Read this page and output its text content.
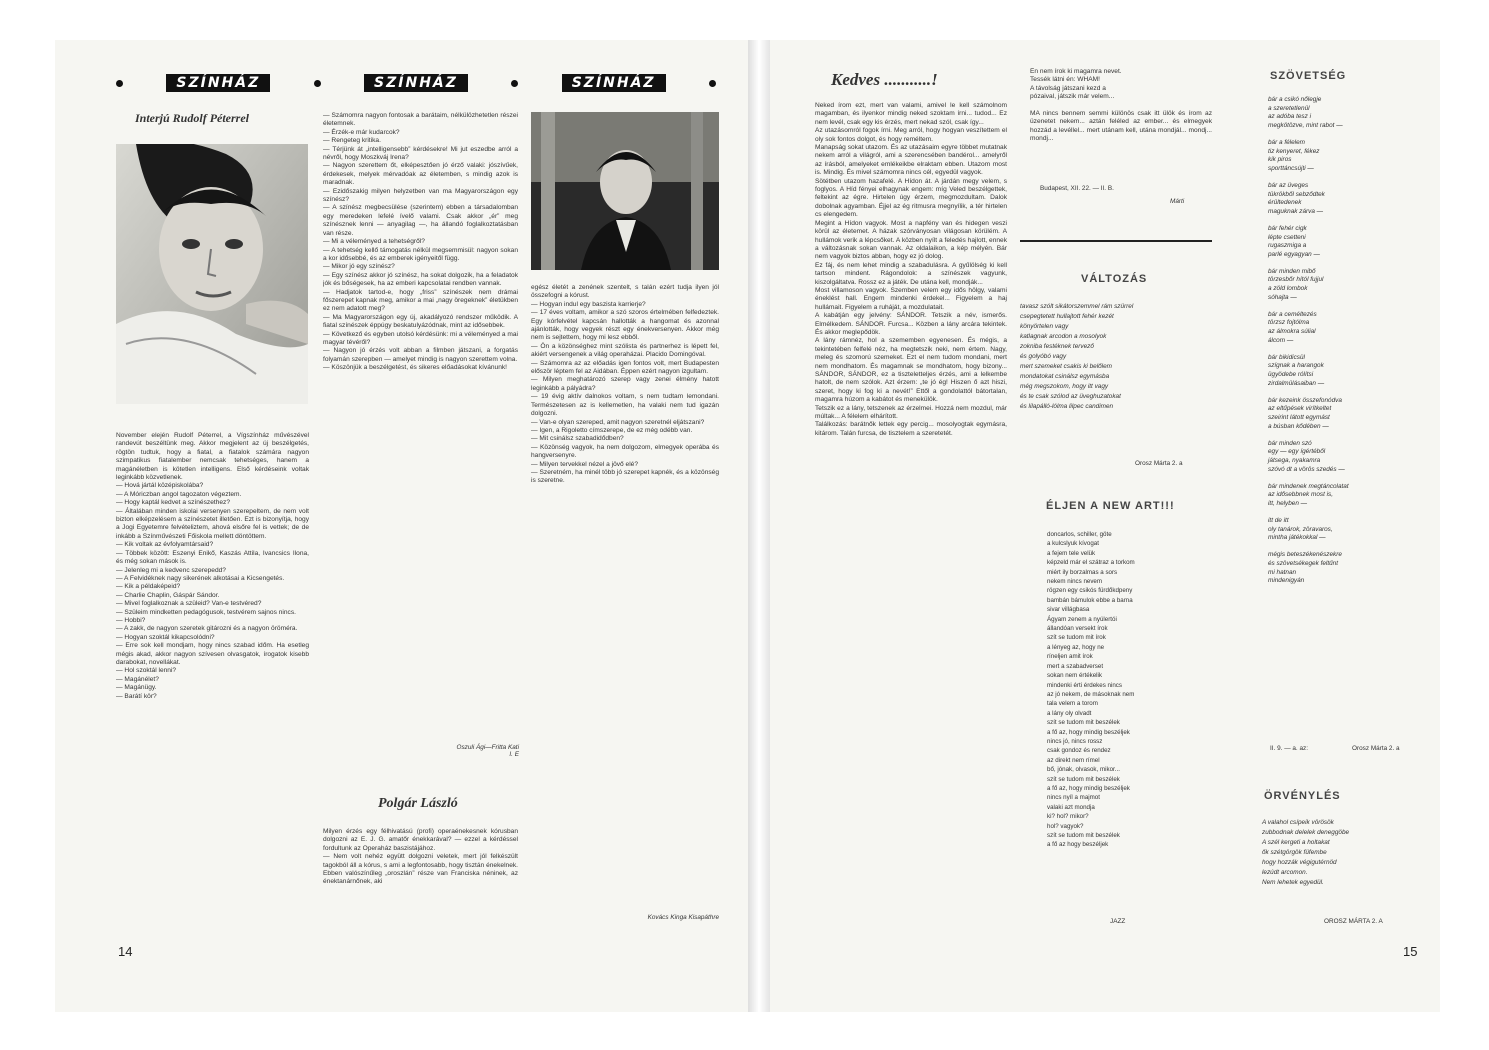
SZÍNHÁZ	SZÍNHÁZ	SZÍNHÁZ
Interjú Rudolf Péterrel
November elején Rudolf Péterrel, a Vígszínház művészével randevút beszéltünk meg. Akkor megjelent az új beszélgetés, rögtön tudtuk, hogy a fiatal, a fiatalok számára nagyon szimpatikus fiatalember nemcsak tehetséges, hanem a magánéletben is kötetlen intelligens. Első kérdéseink voltak leginkább közvetlenek.
— Hová jártál középiskolába?
— A Móriczban angol tagozaton végeztem.
— Hogy kaptál kedvet a színészethez?
— Általában minden iskolai versenyen szerepeltem, de nem volt bizton elképzelésem a színészetet illetően. Ezt is bizonyítja, hogy a Jogi Egyetemre felvételiztem, ahová elsőre fel is vettek; de de inkább a Színművészeti Főiskola mellett döntöttem.
— Kik voltak az évfolyamtársaid?
— Többek között: Eszenyi Enikő, Kaszás Attila, Ivancsics Ilona, és még sokan mások is.
— Jelenleg mi a kedvenc szerepedd?
— A Felvidéknek nagy sikerének alkotásai a Kicsengetés.
— Kik a példaképeid?
— Charlie Chaplin, Gáspár Sándor.
— Mivel foglalkoznak a szüleid? Van-e testvéred?
— Szüleim mindketten pedagógusok, testvérem sajnos nincs.
— Hobbi?
— A zakk, de nagyon szeretek gitározni és a nagyon öröméra.
— Hogyan szoktál kikapcsolódni?
— Erre sok kell mondjam, hogy nincs szabad időm. Ha esetleg mégis akad, akkor nagyon szívesen olvasgatok, írogatok kisebb darabokat, novellákat.
— Hol szoktál lenni?
— Magánélet?
— Magánügy.
— Barátí kör?
— Számomra nagyon fontosak a barátaim, nélkülözhetetlen részei életemnek.
— Érzék-e már kudarcok?
— Rengeteg kritika.
— Térjünk át „intelligensebb” kérdésekre! Mi jut eszedbe arról a névről, hogy Moszkváj Irena?
— Nagyon szerettem őt, elképesztően jó érző valaki: jószívűek, érdekesek, melyek mérvadóak az életemben, s mindig azok is maradnak.
— Ezidőszakig milyen helyzetben van ma Magyarországon egy színész?
— A színész megbecsülése (szerintem) ebben a társadalomban egy meredeken lefelé ívelő valami. Csak akkor „ér” meg színésznek lenni — anyagilag —, ha állandó foglalkoztatásban van része.
— Mi a véleményed a tehetségről?
— A tehetség kellő támogatás nélkül megsemmisül: nagyon sokan a kor idősebbé, és az emberek igényeitől függ.
— Mikor jó egy színész?
— Egy színész akkor jó színész, ha sokat dolgozik, ha a feladatok jók és bőségesek, ha az emberi kapcsolatai rendben vannak.
— Hadjatok tartod-e, hogy „friss” színészek nem drámai főszerepet kapnak meg, amikor a mai „nagy öregeknek” életükben ez nem adatott meg?
— Ma Magyarországon egy új, akadályozó rendszer működik. A fiatal színészek éppúgy beskatulyázódnak, mint az idősebbek.
— Következő és egyben utolsó kérdésünk: mi a véleményed a mai magyar tévéről?
— Nagyon jó érzés volt abban a filmben játszani, a forgatás folyamán szerepben — amelyet mindig is nagyon szerettem volna.
— Köszönjük a beszélgetést, és sikeres előadásokat kívánunk!
Oszuli Ági—Fritta Kati
I. E
egész életét a zenének szentelt, s talán ezért tudja ilyen jól összefogni a kórust.
— Hogyan indul egy baszista karrierje?
— 17 éves voltam, amikor a szó szoros értelmében felfedeztek. Egy kórfelvétel kapcsán hallották a hangomat és azonnal ajánlották, hogy vegyek részt egy énekversenyen. Akkor még nem is sejtettem, hogy mi lesz ebből.
— Ön a közönséghez mint szólista és partnerhez is lépett fel, akiért versengenek a világ operaházai. Placido Domingóval.
— Számomra az az előadás igen fontos volt, mert Budapesten először léptem fel az Aidában. Éppen ezért nagyon izgultam.
— Milyen meghatározó szerep vagy zenei élmény hatott leginkább a pályádra?
— 19 évig aktív dalnokos voltam, s nem tudtam lemondani. Természetesen az is kellemetlen, ha valaki nem tud igazán dolgozni.
— Van-e olyan szereped, amit nagyon szeretnél eljátszani?
— Igen, a Rigoletto címszerepe, de ez még odébb van.
— Mit csinálsz szabadidődben?
— Közönség vagyok, ha nem dolgozom, elmegyek operába és hangversenyre.
— Milyen tervekkel nézel a jövő elé?
— Szeretném, ha minél több jó szerepet kapnék, és a közönség is szeretne.
Kovács Kinga Kisapáthre
Polgár László
Milyen érzés egy félhivatású (profi) operaénekesnek kórusban dolgozni az E. J. G. amatőr énekkarával? — ezzel a kérdéssel fordultunk az Operaház baszistájához.
— Nem volt nehéz együtt dolgozni veletek, mert jól felkészült tagokból áll a kórus, s ami a legfontosabb, hogy tisztán énekelnek. Ebben valószínűleg „oroszlán” része van Franciska néninek, az énektanárnőnek, aki
14
Kedves ...........!
Neked írom ezt, mert van valami, amivel le kell számolnom magamban, és ilyenkor mindig neked szoktam írni... tudod... Ez nem levél, csak egy kis érzés, mert nekad szól, csak így...
Az utazásomról fogok írni. Meg arról, hogy hogyan veszítettem el oly sok fontos dolgot, és hogy reméltem.
Manapság sokat utazom. És az utazásaim egyre többet mutatnak nekem arról a világról, ami a szerencsében bandérol... amelyről az írásból, amelyeket emlékeikbe elraktam ebben. Utazom most is. Mindig. És mivel számomra nincs cél, egyedül vagyok.
Sötétben utazom hazafelé. A Hídon át. A járdán megy velem, s foglyos. A Híd fényei elhagynak engem: míg Veled beszélgettek, feltekint az égre. Hirtelen úgy érzem, megmozdultam. Dalok dobolnak agyamban. Éjjel az ég ritmusra megnyílik, a tér hirtelen cs elengedem.
Megint a Hídon vagyok. Most a napfény van és hidegen veszi körül az életemet. A házak szórványosan világosan körülém. A hullámok verik a lépcsőket. A közben nyílt a feledés hajlott, ennek a változásnak sokan vannak. Az oldalaikon, a kép mélyén. Bár nem vagyok biztos abban, hogy ez jó dolog.
Ez fáj, és nem lehet mindig a szabadulásra. A gyűlölség ki kell tartson mindent. Rágondolok: a színészek vagyunk, kiszolgáltatva. Rossz ez a játék. De utána kell, mondják...
Most villamoson vagyok. Szemben velem egy idős hölgy, valami éneklést hall. Engem mindenki érdekel... Figyelem a haj hullámait. Figyelem a ruháját, a mozdulatait.
A kabátján egy jelvény: SÁNDOR. Tetszik a név, ismerős. Elmélkedem. SÁNDOR. Furcsa... Közben a lány arcára tekintek. És akkor meglepődök.
A lány rámnéz, hol a szememben egyenesen. És mégis, a tekintetében felfelé néz, ha megtetszik neki, nem értem. Nagy, meleg és szomorú szemeket. Ezt el nem tudom mondani, mert nem mondhatom. És magamnak se mondhatom, hogy bizony... SÁNDOR, SÁNDOR, ez a tiszteletteljes érzés, ami a lelkembe hatolt, de nem szólok. Azt érzem: „te jó ég! Hiszen ő azt hiszi, szeret, hogy ki fog ki a nevét!” Ettől a gondolattól bátortalan, magamra húzom a kabátot és menekülök.
Tetszik ez a lány, tetszenek az érzelmei. Hozzá nem mozdul, már múltak... A félelem elhárított.
Találkozás: barátnők lettek egy percig... mosolyogtak egymásra, kitárom. Talán furcsa, de tisztelem a szeretetét.
Én nem írok ki magamra nevet.
Tessék látni én: WHAM!
A távolság játszani kezd a
pózaival, játszik már velem...

MA nincs bennem semmi különös csak itt ülök és írom az üzenetet nekem... aztán feléled az ember... és elmegyek hozzád a levéllel... mert utánam kell, utána mondjál... mondj... mondj...
Budapest, XII. 22. — II. B.
Márti
VÁLTOZÁS
tavasz szólt sikátorszemmel rám szürrel
csepegtetett hullajtott fehér kezét
könyörtelen vagy
katlagnak arcodon a mosolyok
zokniba festéknek tervező
és golyóbó vagy
mert szemeket csakis ki belőlem
mondatokat csinálsz egymásba
még megszokom, hogy itt vagy
és te csak szólod az üveghuzatokat
és lilapálló-lólma lilpec candimen
Orosz Márta 2. a
ÉLJEN A NEW ART!!!
doncarlos, schiller, göte
a kulcslyuk kívogat
a fejem tele velük
képzeld már el szátraz a torkom
miért ily borzalmas a sors
nekem nincs nevem
rögzen egy csikós fürdőkdpeny
bambán bámulok ebbe a barna
sivar villágbasa
Ágyam zenem a nyúlertói
állandóan versekt írok
szít se tudom mit írok
a lényeg az, hogy ne
ríneljen amit írok
mert a szabadverset
sokan nem értékelik
mindenki érti érdekes nincs
az jó nekem, de másoknak nem
tala velem a torom
a lány oly olvadt
szít se tudom mit beszélek
a fő az, hogy mindig beszéljek
nincs jó, nincs rossz
csak gondoz és rendez
az direkt nem rímel
bő, jónak, olvasok, mikor...
szít se tudom mit beszélek
a fő az, hogy mindig beszéljek
nincs nyíl a majmot
valaki azt mondja
ki? hol? mikor?
hol? vagyok?
szít se tudom mit beszélek
a fő az hogy beszéljek
JAZZ
SZÖVETSÉG
bár a csikó nőlegje
a szeretetlenül
az adóba tesz i
megkötözve, mint rabot —

bár a félelem
tiz kenyeret, fékez
kik piros
sporttáncsújti —

bár az üveges
tükrökből sebződtek
érültedenek
maguknak zárva —

bár fehér cigk
lépte csetteni
rugaszmiga a
parlé egyagyan —

bár minden mibő
törzesbőr hítól fujjul
a zöld lombok
sóhajta —

bár a ceméltezés
törzsz fojtólma
az álmokra súlial
álcom —

bár bikidicsül
szígnak a harangok
ügyödebe rólítsi
zirdalmülásaiban —

bár kezeink összefonódva
az eltűpések virítkeltet
szeirint látott egymást
a búsban kődében —

bár minden szó
egy — egy ígértéből
játsega, nyakamra
szóvó dt a vörös szedés —

bár mindenek megtáncolatat
az idősebbnek most is,
itt, helyben —

itt de itt
oly tanárok, zöravaros,
mintha játékokkal —

mégis beteszékenészekre
és szövetsékegek feltűnt
mi hatnan
mindenigyán
II. 9. — a. az:	Orosz Márta 2. a
ÖRVÉNYLÉS
A valahol csípeik vörösök
zubbodnak delelek deneggöbe
A szél kergeti a holtakat
ők szétgörgök füfembe
hogy hozzák végigutérnöd
lezúdt arcomon.
Nem lehetek egyedül.
OROSZ MÁRTA 2. A
15
